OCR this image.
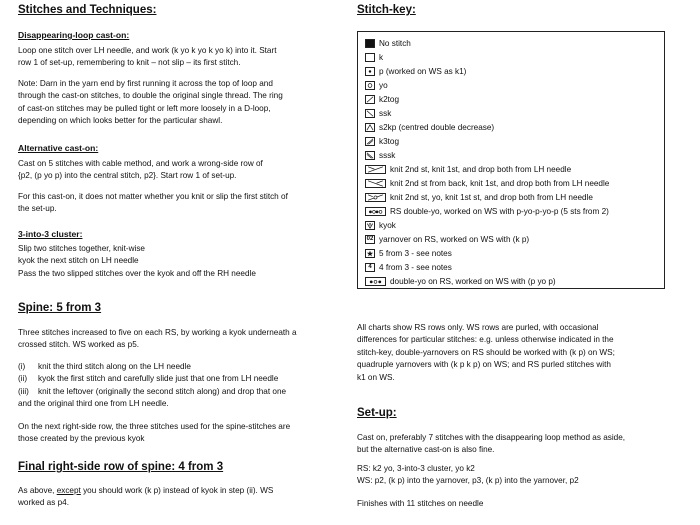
Stitches and Techniques:
Disappearing-loop cast-on:

Loop one stitch over LH needle, and work (k yo k yo k yo k) into it. Start
row 1 of set-up, remembering to knit – not slip – its first stitch.

Note: Darn in the yarn end by first running it across the top of loop and
through the cast-on stitches, to double the original single thread. The ring
of cast-on stitches may be pulled tight or left more loosely in a D-loop,
depending on which looks better for the particular shawl.

Alternative cast-on:

Cast on 5 stitches with cable method, and work a wrong-side row of
{p2, (p yo p) into the central stitch, p2}. Start row 1 of set-up.

For this cast-on, it does not matter whether you knit or slip the first stitch of
the set-up.

3-into-3 cluster:

Slip two stitches together, knit-wise
kyok the next stitch on LH needle
Pass the two slipped stitches over the kyok and off the RH needle

Spine: 5 from 3

Three stitches increased to five on each RS, by working a kyok underneath a
crossed stitch. WS worked as p5.

(i) knit the third stitch along on the LH needle
(ii) kyok the first stitch and carefully slide just that one from LH needle
(iii) knit the leftover (originally the second stitch along) and drop that one
and the original third one from LH needle.

On the next right-side row, the three stitches used for the spine-stitches are
those created by the previous kyok

Final right-side row of spine: 4 from 3

As above, except you should work (k p) instead of kyok in step (ii). WS
worked as p4.

Stitch-key:
No stitch
k
p (worked on WS as k1)
yo
k2tog
ssk
s2kp (centred double decrease)
k3tog
sssk
knit 2nd st, knit 1st, and drop both from LH needle
knit 2nd st from back, knit 1st, and drop both from LH needle
knit 2nd st, yo, knit 1st st, and drop both from LH needle
RS double-yo, worked on WS with p-yo-p-yo-p (5 sts from 2)
kyok
02 yarnover on RS, worked on WS with (k p)
5 from 3 - see notes
4 4 from 3 - see notes
double-yo on RS, worked on WS with (p yo p)

All charts show RS rows only. WS rows are purled, with occasional
differences for particular stitches: e.g. unless otherwise indicated in the
stitch-key, double-yarnovers on RS should be worked with (k p) on WS;
quadruple yarnovers with (k p k p) on WS; and RS purled stitches with
k1 on WS.

Set-up:

Cast on, preferably 7 stitches with the disappearing loop method as aside,
but the alternative cast-on is also fine.

RS: k2 yo, 3-into-3 cluster, yo k2
WS: p2, (k p) into the yarnover, p3, (k p) into the yarnover, p2

Finishes with 11 stitches on needle
